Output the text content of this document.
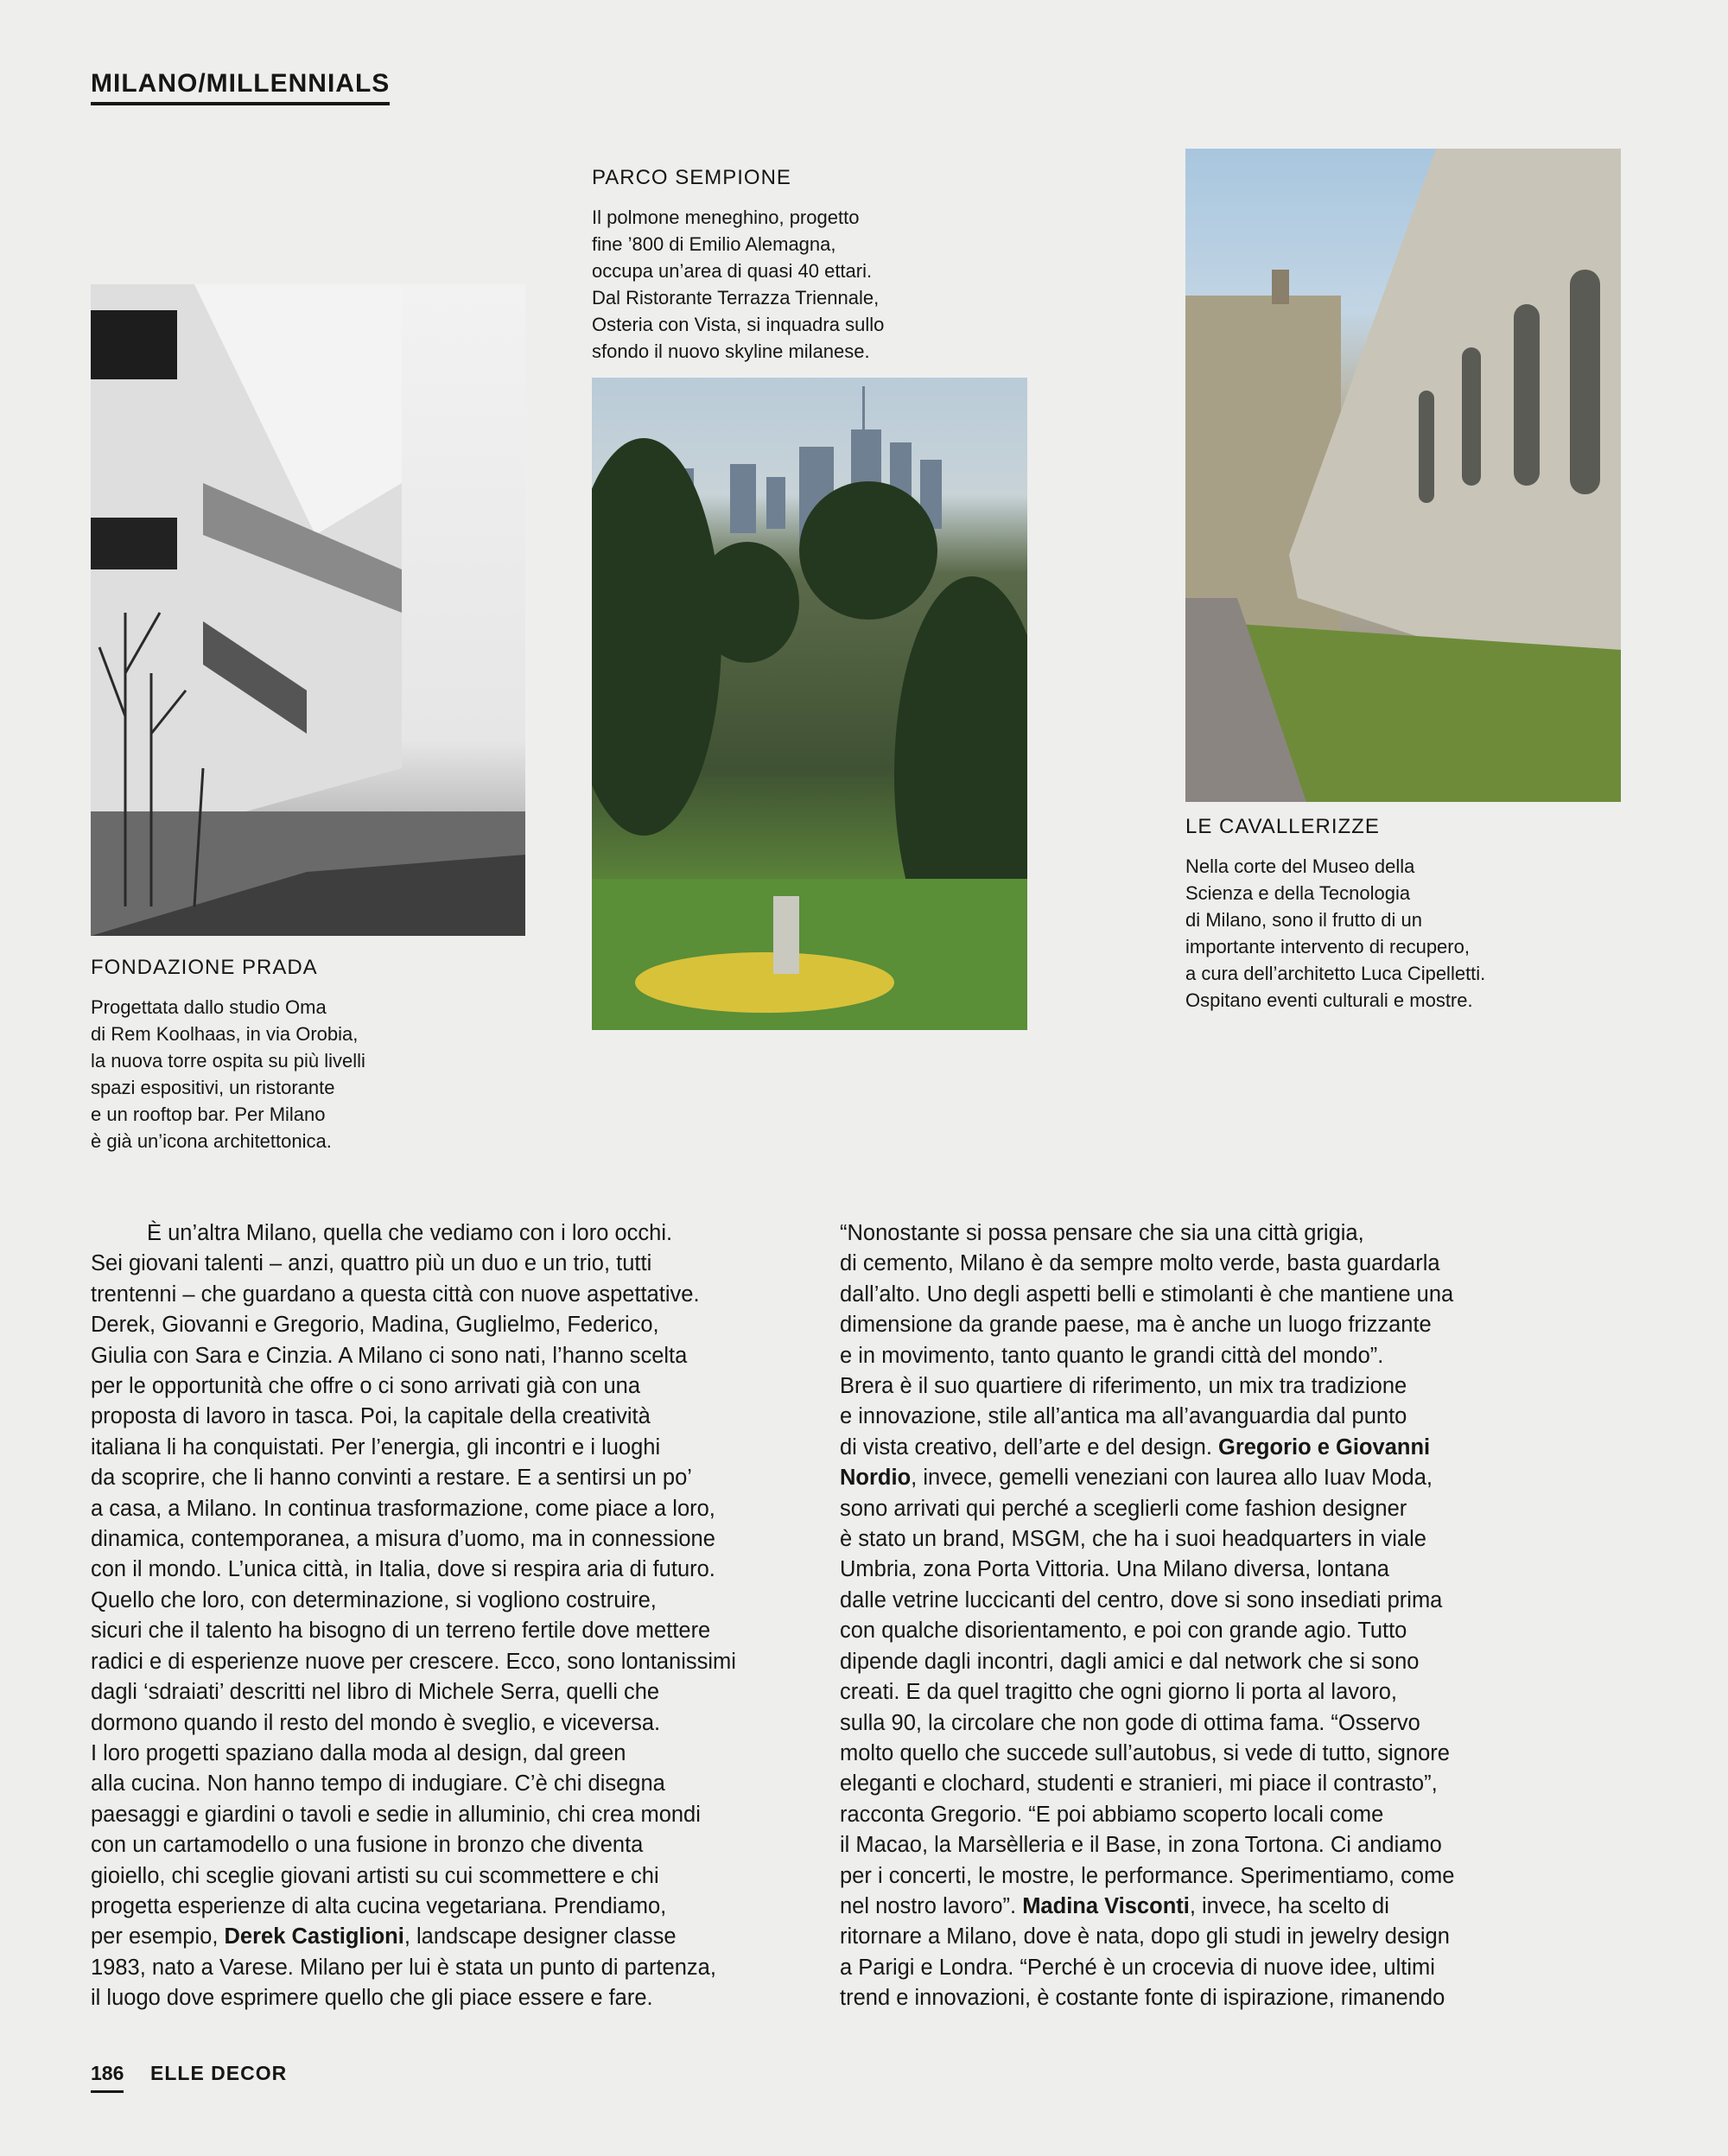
MILANO/MILLENNIALS
FONDAZIONE PRADA
Progettata dallo studio Oma
di Rem Koolhaas, in via Orobia,
la nuova torre ospita su più livelli
spazi espositivi, un ristorante
e un rooftop bar. Per Milano
è già un’icona architettonica.
PARCO SEMPIONE
Il polmone meneghino, progetto
fine ’800 di Emilio Alemagna,
occupa un’area di quasi 40 ettari.
Dal Ristorante Terrazza Triennale,
Osteria con Vista, si inquadra sullo
sfondo il nuovo skyline milanese.
LE CAVALLERIZZE
Nella corte del Museo della
Scienza e della Tecnologia
di Milano, sono il frutto di un
importante intervento di recupero,
a cura dell’architetto Luca Cipelletti.
Ospitano eventi culturali e mostre.
È un’altra Milano, quella che vediamo con i loro occhi.
Sei giovani talenti – anzi, quattro più un duo e un trio, tutti
trentenni – che guardano a questa città con nuove aspettative.
Derek, Giovanni e Gregorio, Madina, Guglielmo, Federico,
Giulia con Sara e Cinzia. A Milano ci sono nati, l’hanno scelta
per le opportunità che offre o ci sono arrivati già con una
proposta di lavoro in tasca. Poi, la capitale della creatività
italiana li ha conquistati. Per l’energia, gli incontri e i luoghi
da scoprire, che li hanno convinti a restare. E a sentirsi un po’
a casa, a Milano. In continua trasformazione, come piace a loro,
dinamica, contemporanea, a misura d’uomo, ma in connessione
con il mondo. L’unica città, in Italia, dove si respira aria di futuro.
Quello che loro, con determinazione, si vogliono costruire,
sicuri che il talento ha bisogno di un terreno fertile dove mettere
radici e di esperienze nuove per crescere. Ecco, sono lontanissimi
dagli ‘sdraiati’ descritti nel libro di Michele Serra, quelli che
dormono quando il resto del mondo è sveglio, e viceversa.
I loro progetti spaziano dalla moda al design, dal green
alla cucina. Non hanno tempo di indugiare. C’è chi disegna
paesaggi e giardini o tavoli e sedie in alluminio, chi crea mondi
con un cartamodello o una fusione in bronzo che diventa
gioiello, chi sceglie giovani artisti su cui scommettere e chi
progetta esperienze di alta cucina vegetariana. Prendiamo,
per esempio, Derek Castiglioni, landscape designer classe
1983, nato a Varese. Milano per lui è stata un punto di partenza,
il luogo dove esprimere quello che gli piace essere e fare.
“Nonostante si possa pensare che sia una città grigia,
di cemento, Milano è da sempre molto verde, basta guardarla
dall’alto. Uno degli aspetti belli e stimolanti è che mantiene una
dimensione da grande paese, ma è anche un luogo frizzante
e in movimento, tanto quanto le grandi città del mondo”.
Brera è il suo quartiere di riferimento, un mix tra tradizione
e innovazione, stile all’antica ma all’avanguardia dal punto
di vista creativo, dell’arte e del design. Gregorio e Giovanni
Nordio, invece, gemelli veneziani con laurea allo Iuav Moda,
sono arrivati qui perché a sceglierli come fashion designer
è stato un brand, MSGM, che ha i suoi headquarters in viale
Umbria, zona Porta Vittoria. Una Milano diversa, lontana
dalle vetrine luccicanti del centro, dove si sono insediati prima
con qualche disorientamento, e poi con grande agio. Tutto
dipende dagli incontri, dagli amici e dal network che si sono
creati. E da quel tragitto che ogni giorno li porta al lavoro,
sulla 90, la circolare che non gode di ottima fama. “Osservo
molto quello che succede sull’autobus, si vede di tutto, signore
eleganti e clochard, studenti e stranieri, mi piace il contrasto”,
racconta Gregorio. “E poi abbiamo scoperto locali come
il Macao, la Marsèlleria e il Base, in zona Tortona. Ci andiamo
per i concerti, le mostre, le performance. Sperimentiamo, come
nel nostro lavoro”. Madina Visconti, invece, ha scelto di
ritornare a Milano, dove è nata, dopo gli studi in jewelry design
a Parigi e Londra. “Perché è un crocevia di nuove idee, ultimi
trend e innovazioni, è costante fonte di ispirazione, rimanendo
186 ELLE DECOR
